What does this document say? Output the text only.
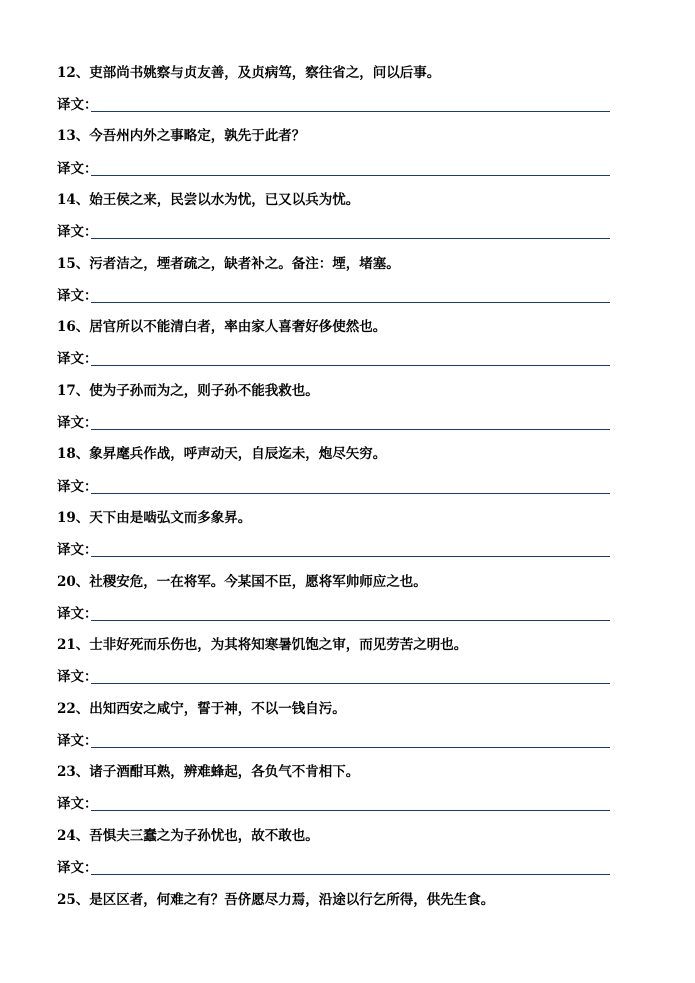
12、吏部尚书姚察与贞友善，及贞病笃，察往省之，问以后事。
译文：
13、今吾州内外之事略定，孰先于此者？
译文：
14、始王侯之来，民尝以水为忧，已又以兵为忧。
译文：
15、污者洁之，堙者疏之，缺者补之。备注：堙，堵塞。
译文：
16、居官所以不能清白者，率由家人喜奢好侈使然也。
译文：
17、使为子孙而为之，则子孙不能我救也。
译文：
18、象昇麾兵作战，呼声动天，自辰迄未，炮尽矢穷。
译文：
19、天下由是啮弘文而多象昇。
译文：
20、社稷安危，一在将军。今某国不臣，愿将军帅师应之也。
译文：
21、士非好死而乐伤也，为其将知寒暑饥饱之审，而见劳苦之明也。
译文：
22、出知西安之咸宁，誓于神，不以一钱自污。
译文：
23、诸子酒酣耳熟，辨难蜂起，各负气不肯相下。
译文：
24、吾惧夫三蠢之为子孙忧也，故不敢也。
译文：
25、是区区者，何难之有？吾侪愿尽力焉，沿途以行乞所得，供先生食。
